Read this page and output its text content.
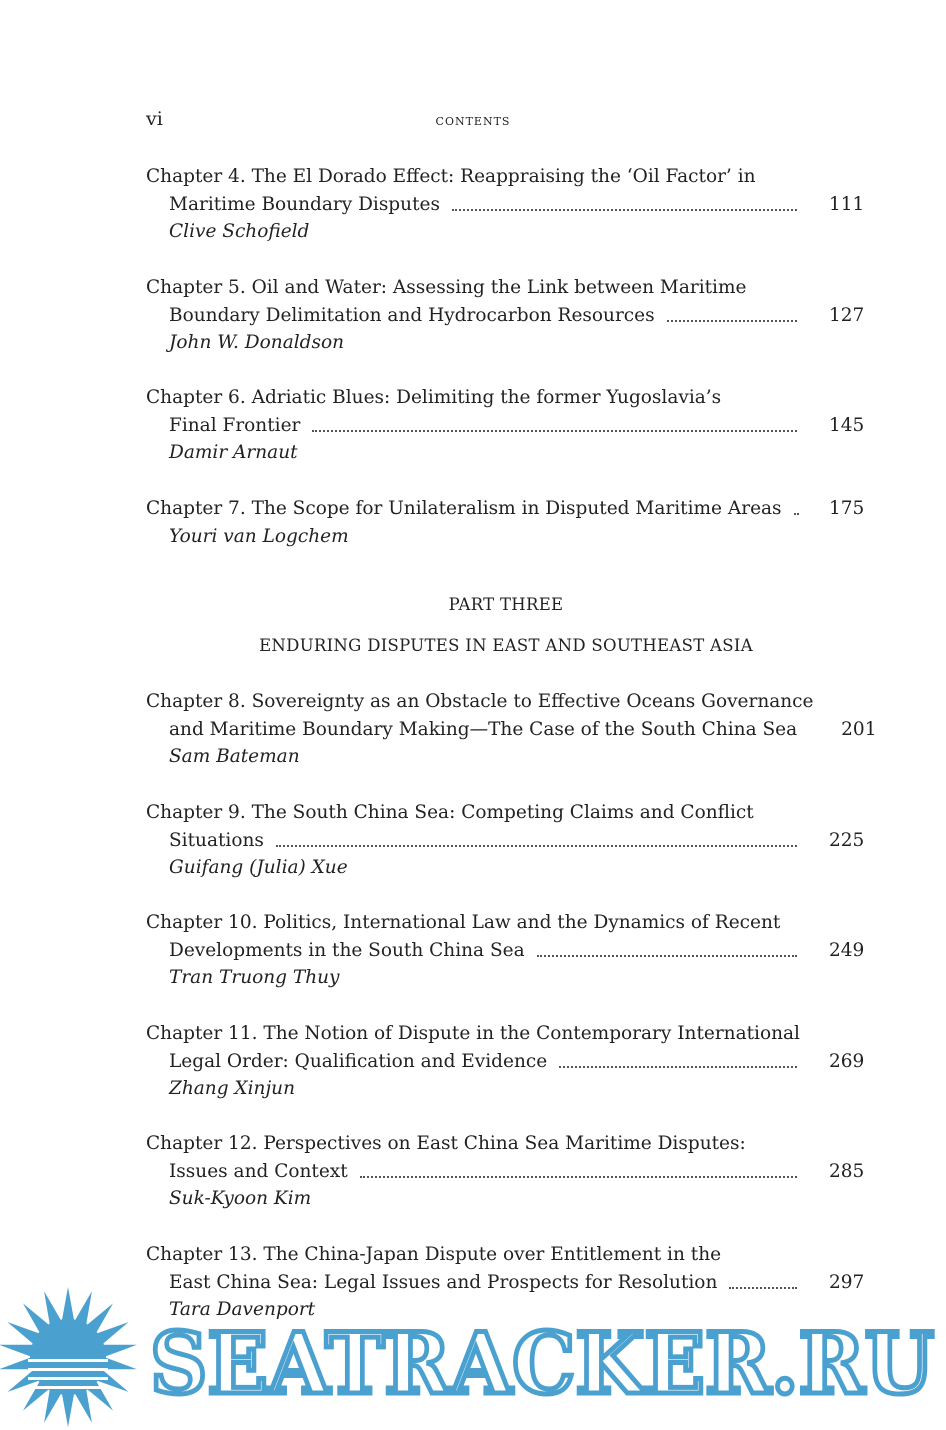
vi	contents
Chapter 4. The El Dorado Effect: Reappraising the ‘Oil Factor’ in
Maritime Boundary Disputes	111
Clive Schofield
Chapter 5. Oil and Water: Assessing the Link between Maritime
Boundary Delimitation and Hydrocarbon Resources	127
John W. Donaldson
Chapter 6. Adriatic Blues: Delimiting the former Yugoslavia’s
Final Frontier	145
Damir Arnaut
Chapter 7. The Scope for Unilateralism in Disputed Maritime Areas	175
Youri van Logchem
PART THREE
ENDURING DISPUTES IN EAST AND SOUTHEAST ASIA
Chapter 8. Sovereignty as an Obstacle to Effective Oceans Governance
and Maritime Boundary Making—The Case of the South China Sea 201
Sam Bateman
Chapter 9. The South China Sea: Competing Claims and Conflict
Situations	225
Guifang (Julia) Xue
Chapter 10. Politics, International Law and the Dynamics of Recent
Developments in the South China Sea	249
Tran Truong Thuy
Chapter 11. The Notion of Dispute in the Contemporary International
Legal Order: Qualification and Evidence	269
Zhang Xinjun
Chapter 12. Perspectives on East China Sea Maritime Disputes:
Issues and Context	285
Suk-Kyoon Kim
Chapter 13. The China-Japan Dispute over Entitlement in the
East China Sea: Legal Issues and Prospects for Resolution	297
Tara Davenport
SEATRACKER.RU
